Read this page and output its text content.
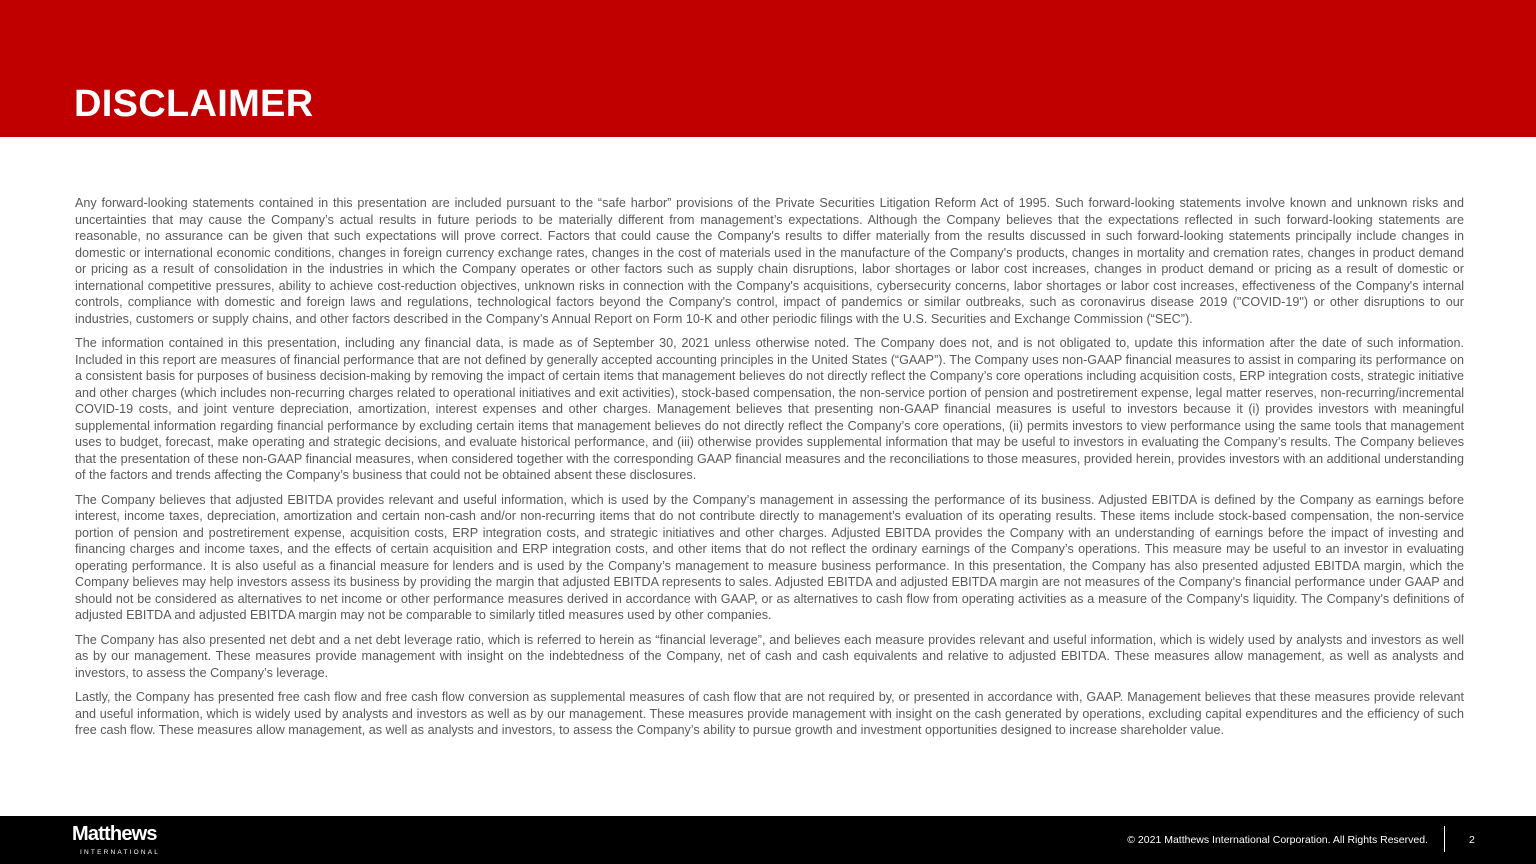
DISCLAIMER

Any forward-looking statements contained in this presentation are included pursuant to the “safe harbor” provisions of the Private Securities Litigation Reform Act of 1995. Such forward-looking statements involve known and unknown risks and uncertainties that may cause the Company’s actual results in future periods to be materially different from management’s expectations. Although the Company believes that the expectations reflected in such forward-looking statements are reasonable, no assurance can be given that such expectations will prove correct. Factors that could cause the Company's results to differ materially from the results discussed in such forward-looking statements principally include changes in domestic or international economic conditions, changes in foreign currency exchange rates, changes in the cost of materials used in the manufacture of the Company's products, changes in mortality and cremation rates, changes in product demand or pricing as a result of consolidation in the industries in which the Company operates or other factors such as supply chain disruptions, labor shortages or labor cost increases, changes in product demand or pricing as a result of domestic or international competitive pressures, ability to achieve cost-reduction objectives, unknown risks in connection with the Company's acquisitions, cybersecurity concerns, labor shortages or labor cost increases, effectiveness of the Company's internal controls, compliance with domestic and foreign laws and regulations, technological factors beyond the Company's control, impact of pandemics or similar outbreaks, such as coronavirus disease 2019 ("COVID-19") or other disruptions to our industries, customers or supply chains, and other factors described in the Company’s Annual Report on Form 10-K and other periodic filings with the U.S. Securities and Exchange Commission (“SEC”).

The information contained in this presentation, including any financial data, is made as of September 30, 2021 unless otherwise noted. The Company does not, and is not obligated to, update this information after the date of such information. Included in this report are measures of financial performance that are not defined by generally accepted accounting principles in the United States (“GAAP”). The Company uses non-GAAP financial measures to assist in comparing its performance on a consistent basis for purposes of business decision-making by removing the impact of certain items that management believes do not directly reflect the Company’s core operations including acquisition costs, ERP integration costs, strategic initiative and other charges (which includes non-recurring charges related to operational initiatives and exit activities), stock-based compensation, the non-service portion of pension and postretirement expense, legal matter reserves, non-recurring/incremental COVID-19 costs, and joint venture depreciation, amortization, interest expenses and other charges. Management believes that presenting non-GAAP financial measures is useful to investors because it (i) provides investors with meaningful supplemental information regarding financial performance by excluding certain items that management believes do not directly reflect the Company’s core operations, (ii) permits investors to view performance using the same tools that management uses to budget, forecast, make operating and strategic decisions, and evaluate historical performance, and (iii) otherwise provides supplemental information that may be useful to investors in evaluating the Company’s results. The Company believes that the presentation of these non-GAAP financial measures, when considered together with the corresponding GAAP financial measures and the reconciliations to those measures, provided herein, provides investors with an additional understanding of the factors and trends affecting the Company’s business that could not be obtained absent these disclosures.

The Company believes that adjusted EBITDA provides relevant and useful information, which is used by the Company’s management in assessing the performance of its business. Adjusted EBITDA is defined by the Company as earnings before interest, income taxes, depreciation, amortization and certain non-cash and/or non-recurring items that do not contribute directly to management’s evaluation of its operating results. These items include stock-based compensation, the non-service portion of pension and postretirement expense, acquisition costs, ERP integration costs, and strategic initiatives and other charges. Adjusted EBITDA provides the Company with an understanding of earnings before the impact of investing and financing charges and income taxes, and the effects of certain acquisition and ERP integration costs, and other items that do not reflect the ordinary earnings of the Company’s operations. This measure may be useful to an investor in evaluating operating performance. It is also useful as a financial measure for lenders and is used by the Company’s management to measure business performance. In this presentation, the Company has also presented adjusted EBITDA margin, which the Company believes may help investors assess its business by providing the margin that adjusted EBITDA represents to sales. Adjusted EBITDA and adjusted EBITDA margin are not measures of the Company's financial performance under GAAP and should not be considered as alternatives to net income or other performance measures derived in accordance with GAAP, or as alternatives to cash flow from operating activities as a measure of the Company's liquidity. The Company's definitions of adjusted EBITDA and adjusted EBITDA margin may not be comparable to similarly titled measures used by other companies.

The Company has also presented net debt and a net debt leverage ratio, which is referred to herein as “financial leverage”, and believes each measure provides relevant and useful information, which is widely used by analysts and investors as well as by our management. These measures provide management with insight on the indebtedness of the Company, net of cash and cash equivalents and relative to adjusted EBITDA. These measures allow management, as well as analysts and investors, to assess the Company’s leverage.

Lastly, the Company has presented free cash flow and free cash flow conversion as supplemental measures of cash flow that are not required by, or presented in accordance with, GAAP. Management believes that these measures provide relevant and useful information, which is widely used by analysts and investors as well as by our management. These measures provide management with insight on the cash generated by operations, excluding capital expenditures and the efficiency of such free cash flow. These measures allow management, as well as analysts and investors, to assess the Company’s ability to pursue growth and investment opportunities designed to increase shareholder value.

Matthews
INTERNATIONAL
© 2021 Matthews International Corporation. All Rights Reserved.	2
